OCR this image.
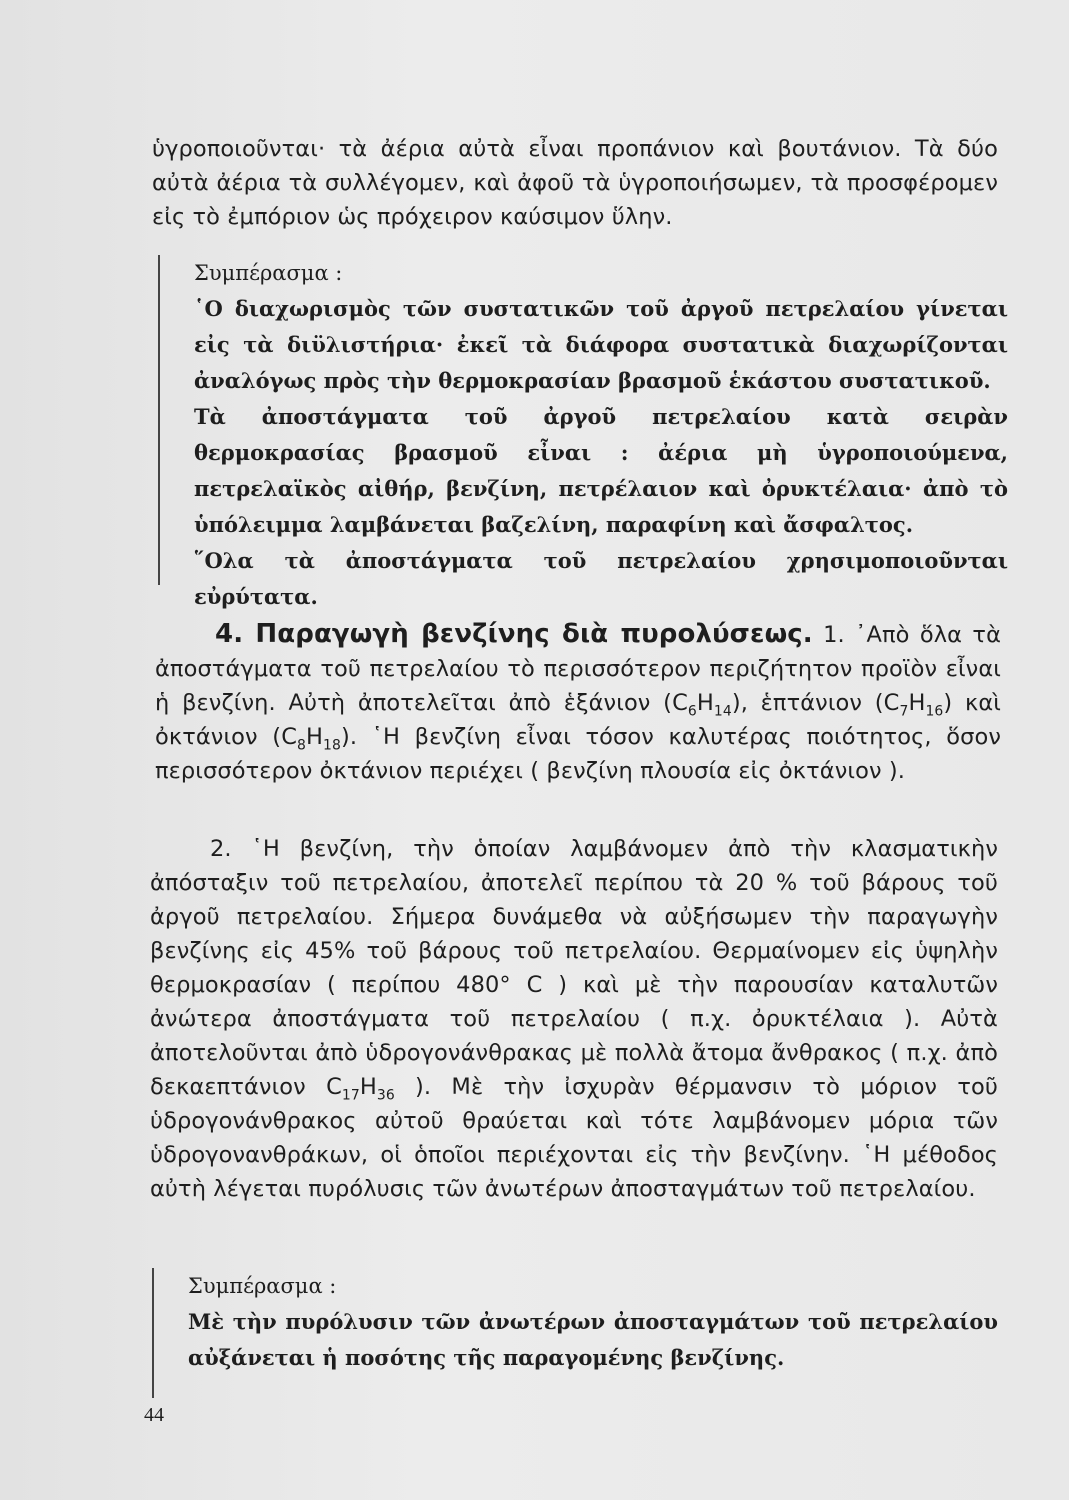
ὑγροποιοῦνται· τὰ ἀέρια αὐτὰ εἶναι προπάνιον καὶ βουτάνιον. Τὰ δύο αὐτὰ ἀέρια τὰ συλλέγομεν, καὶ ἀφοῦ τὰ ὑγροποιήσωμεν, τὰ προσφέρομεν εἰς τὸ ἐμπόριον ὡς πρόχειρον καύσιμον ὕλην.
Συμπέρασμα :

῾Ο διαχωρισμὸς τῶν συστατικῶν τοῦ ἀργοῦ πετρελαίου γίνεται εἰς τὰ διϋλιστήρια· ἐκεῖ τὰ διάφορα συστατικὰ διαχωρίζονται ἀναλόγως πρὸς τὴν θερμοκρασίαν βρασμοῦ ἑκάστου συστατικοῦ.

Τὰ ἀποστάγματα τοῦ ἀργοῦ πετρελαίου κατὰ σειρὰν θερμοκρασίας βρασμοῦ εἶναι : ἀέρια μὴ ὑγροποιούμενα, πετρελαϊκὸς αἰθήρ, βενζίνη, πετρέλαιον καὶ ὀρυκτέλαια· ἀπὸ τὸ ὑπόλειμμα λαμβάνεται βαζελίνη, παραφίνη καὶ ἄσφαλτος.

῞Ολα τὰ ἀποστάγματα τοῦ πετρελαίου χρησιμοποιοῦνται εὐρύτατα.

4. Παραγωγὴ βενζίνης διὰ πυρολύσεως. 1. ᾿Απὸ ὅλα τὰ ἀποστάγματα τοῦ πετρελαίου τὸ περισσότερον περιζήτητον προϊὸν εἶναι ἡ βενζίνη. Αὐτὴ ἀποτελεῖται ἀπὸ ἑξάνιον $(C_6H_{14})$, ἑπτάνιον $(C_7H_{16})$ καὶ ὀκτάνιον $(C_8H_{18})$. ῾Η βενζίνη εἶναι τόσον καλυτέρας ποιότητος, ὅσον περισσότερον ὀκτάνιον περιέχει ( βενζίνη πλουσία εἰς ὀκτάνιον ).

2. ῾Η βενζίνη, τὴν ὁποίαν λαμβάνομεν ἀπὸ τὴν κλασματικὴν ἀπόσταξιν τοῦ πετρελαίου, ἀποτελεῖ περίπου τὰ 20 % τοῦ βάρους τοῦ ἀργοῦ πετρελαίου. Σήμερα δυνάμεθα νὰ αὐξήσωμεν τὴν παραγωγὴν βενζίνης εἰς 45% τοῦ βάρους τοῦ πετρελαίου. Θερμαίνομεν εἰς ὑψηλὴν θερμοκρασίαν ( περίπου 480° C ) καὶ μὲ τὴν παρουσίαν καταλυτῶν ἀνώτερα ἀποστάγματα τοῦ πετρελαίου ( π.χ. ὀρυκτέλαια ). Αὐτὰ ἀποτελοῦνται ἀπὸ ὑδρογονάνθρακας μὲ πολλὰ ἄτομα ἄνθρακος ( π.χ. ἀπὸ δεκαεπτάνιον $C_{17}H_{36}$ ). Μὲ τὴν ἰσχυρὰν θέρμανσιν τὸ μόριον τοῦ ὑδρογονάνθρακος αὐτοῦ θραύεται καὶ τότε λαμβάνομεν μόρια τῶν ὑδρογονανθράκων, οἱ ὁποῖοι περιέχονται εἰς τὴν βενζίνην. ῾Η μέθοδος αὐτὴ λέγεται πυρόλυσις τῶν ἀνωτέρων ἀποσταγμάτων τοῦ πετρελαίου.

Συμπέρασμα :

Μὲ τὴν πυρόλυσιν τῶν ἀνωτέρων ἀποσταγμάτων τοῦ πετρελαίου αὐξάνεται ἡ ποσότης τῆς παραγομένης βενζίνης.

44
